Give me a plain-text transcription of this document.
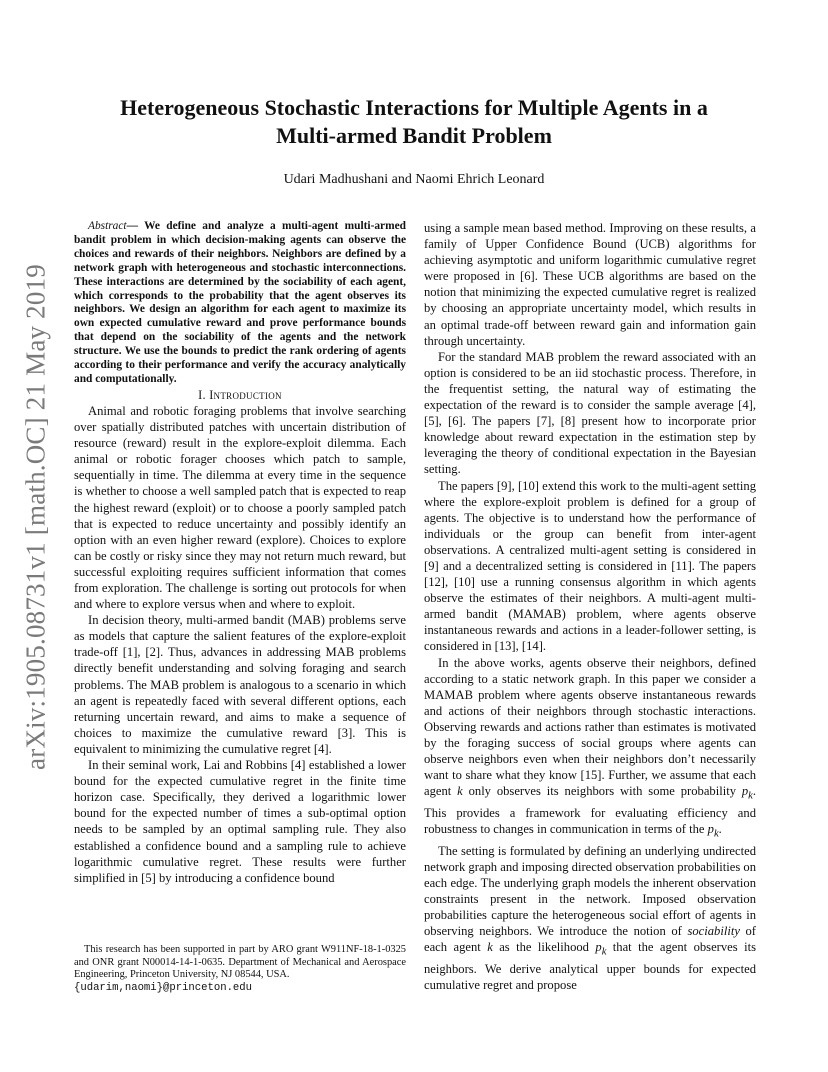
arXiv:1905.08731v1 [math.OC] 21 May 2019
Heterogeneous Stochastic Interactions for Multiple Agents in a
Multi-armed Bandit Problem
Udari Madhushani and Naomi Ehrich Leonard

Abstract— We define and analyze a multi-agent multi-armed bandit problem in which decision-making agents can observe the choices and rewards of their neighbors. Neighbors are defined by a network graph with heterogeneous and stochastic interconnections. These interactions are determined by the sociability of each agent, which corresponds to the probability that the agent observes its neighbors. We design an algorithm for each agent to maximize its own expected cumulative reward and prove performance bounds that depend on the sociability of the agents and the network structure. We use the bounds to predict the rank ordering of agents according to their performance and verify the accuracy analytically and computationally.

I. Introduction

Animal and robotic foraging problems that involve searching over spatially distributed patches with uncertain distribution of resource (reward) result in the explore-exploit dilemma. Each animal or robotic forager chooses which patch to sample, sequentially in time. The dilemma at every time in the sequence is whether to choose a well sampled patch that is expected to reap the highest reward (exploit) or to choose a poorly sampled patch that is expected to reduce uncertainty and possibly identify an option with an even higher reward (explore). Choices to explore can be costly or risky since they may not return much reward, but successful exploiting requires sufficient information that comes from exploration. The challenge is sorting out protocols for when and where to explore versus when and where to exploit.

In decision theory, multi-armed bandit (MAB) problems serve as models that capture the salient features of the explore-exploit trade-off [1], [2]. Thus, advances in addressing MAB problems directly benefit understanding and solving foraging and search problems. The MAB problem is analogous to a scenario in which an agent is repeatedly faced with several different options, each returning uncertain reward, and aims to make a sequence of choices to maximize the cumulative reward [3]. This is equivalent to minimizing the cumulative regret [4].

In their seminal work, Lai and Robbins [4] established a lower bound for the expected cumulative regret in the finite time horizon case. Specifically, they derived a logarithmic lower bound for the expected number of times a sub-optimal option needs to be sampled by an optimal sampling rule. They also established a confidence bound and a sampling rule to achieve logarithmic cumulative regret. These results were further simplified in [5] by introducing a confidence bound

This research has been supported in part by ARO grant W911NF-18-1-0325 and ONR grant N00014-14-1-0635. Department of Mechanical and Aerospace Engineering, Princeton University, NJ 08544, USA.
{udarim,naomi}@princeton.edu

using a sample mean based method. Improving on these results, a family of Upper Confidence Bound (UCB) algorithms for achieving asymptotic and uniform logarithmic cumulative regret were proposed in [6]. These UCB algorithms are based on the notion that minimizing the expected cumulative regret is realized by choosing an appropriate uncertainty model, which results in an optimal trade-off between reward gain and information gain through uncertainty.

For the standard MAB problem the reward associated with an option is considered to be an iid stochastic process. Therefore, in the frequentist setting, the natural way of estimating the expectation of the reward is to consider the sample average [4], [5], [6]. The papers [7], [8] present how to incorporate prior knowledge about reward expectation in the estimation step by leveraging the theory of conditional expectation in the Bayesian setting.

The papers [9], [10] extend this work to the multi-agent setting where the explore-exploit problem is defined for a group of agents. The objective is to understand how the performance of individuals or the group can benefit from inter-agent observations. A centralized multi-agent setting is considered in [9] and a decentralized setting is considered in [11]. The papers [12], [10] use a running consensus algorithm in which agents observe the estimates of their neighbors. A multi-agent multi-armed bandit (MAMAB) problem, where agents observe instantaneous rewards and actions in a leader-follower setting, is considered in [13], [14].

In the above works, agents observe their neighbors, defined according to a static network graph. In this paper we consider a MAMAB problem where agents observe instantaneous rewards and actions of their neighbors through stochastic interactions. Observing rewards and actions rather than estimates is motivated by the foraging success of social groups where agents can observe neighbors even when their neighbors don’t necessarily want to share what they know [15]. Further, we assume that each agent k only observes its neighbors with some probability $p_k$. This provides a framework for evaluating efficiency and robustness to changes in communication in terms of the $p_k$.

The setting is formulated by defining an underlying undirected network graph and imposing directed observation probabilities on each edge. The underlying graph models the inherent observation constraints present in the network. Imposed observation probabilities capture the heterogeneous social effort of agents in observing neighbors. We introduce the notion of sociability of each agent k as the likelihood $p_k$ that the agent observes its neighbors. We derive analytical upper bounds for expected cumulative regret and propose
